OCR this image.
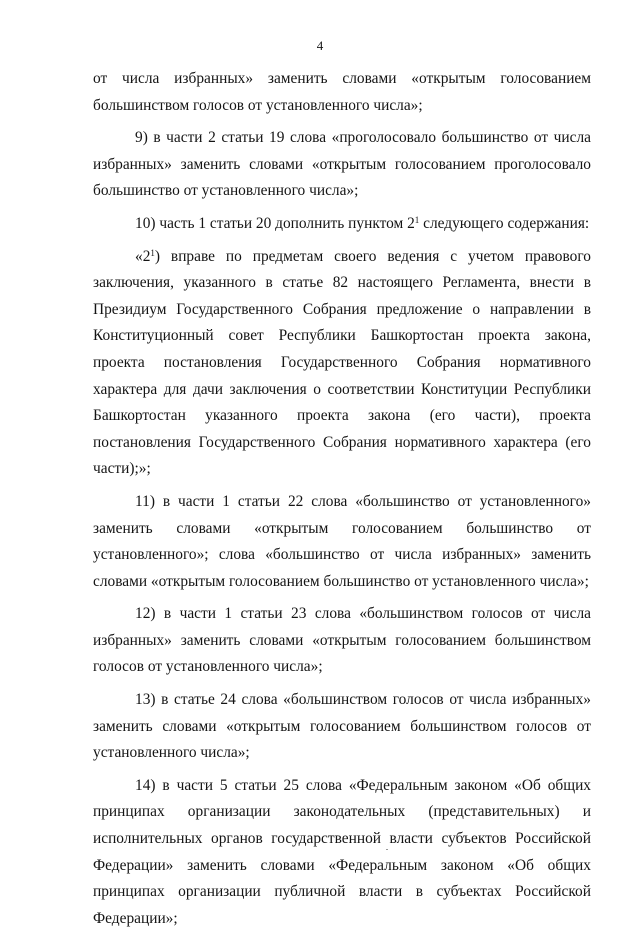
4

от числа избранных» заменить словами «открытым голосованием большинством голосов от установленного числа»;

9) в части 2 статьи 19 слова «проголосовало большинство от числа избранных» заменить словами «открытым голосованием проголосовало большинство от установленного числа»;

10) часть 1 статьи 20 дополнить пунктом $2^1$ следующего содержания:

«$2^1$) вправе по предметам своего ведения с учетом правового заключения, указанного в статье 82 настоящего Регламента, внести в Президиум Государственного Собрания предложение о направлении в Конституционный совет Республики Башкортостан проекта закона, проекта постановления Государственного Собрания нормативного характера для дачи заключения о соответствии Конституции Республики Башкортостан указанного проекта закона (его части), проекта постановления Государственного Собрания нормативного характера (его части);»;

11) в части 1 статьи 22 слова «большинство от установленного» заменить словами «открытым голосованием большинство от установленного»; слова «большинство от числа избранных» заменить словами «открытым голосованием большинство от установленного числа»;

12) в части 1 статьи 23 слова «большинством голосов от числа избранных» заменить словами «открытым голосованием большинством голосов от установленного числа»;

13) в статье 24 слова «большинством голосов от числа избранных» заменить словами «открытым голосованием большинством голосов от установленного числа»;

14) в части 5 статьи 25 слова «Федеральным законом «Об общих принципах организации законодательных (представительных) и исполнительных органов государственной власти субъектов Российской Федерации» заменить словами «Федеральным законом «Об общих принципах организации публичной власти в субъектах Российской Федерации»;
